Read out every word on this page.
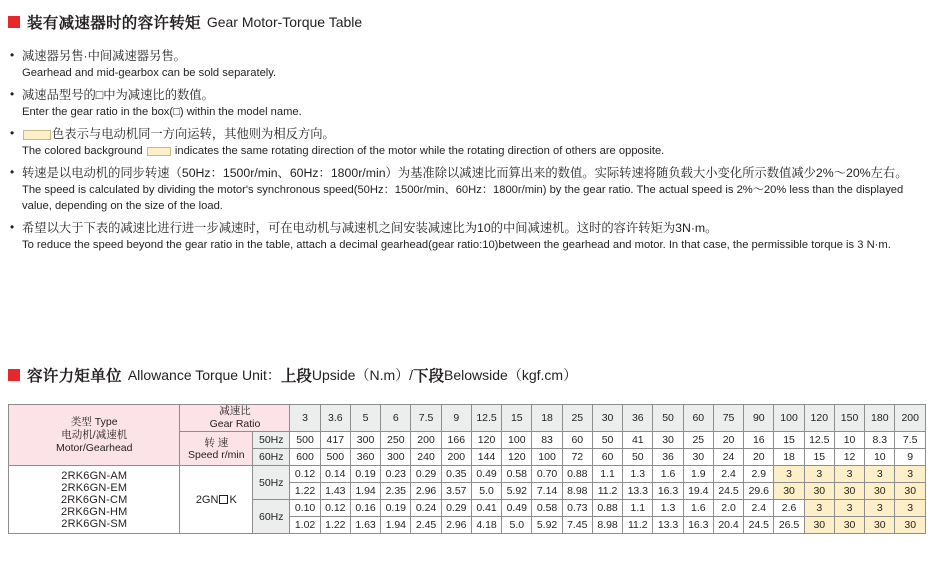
装有减速器时的容许转矩 Gear Motor-Torque Table
• 减速器另售·中间减速器另售。
Gearhead and mid-gearbox can be sold separately.
• 减速品型号的□中为减速比的数值。
Enter the gear ratio in the box(□) within the model name.
• 色表示与电动机同一方向运转，其他则为相反方向。
The colored background	indicates the same rotating direction of the motor while the rotating direction of others are opposite.
• 转速是以电动机的同步转速（50Hz：1500r/min、60Hz：1800r/min）为基准除以减速比而算出来的数值。实际转速将随负载大小变化所示数值减少2%～20%左右。
The speed is calculated by dividing the motor's synchronous speed(50Hz：1500r/min、60Hz：1800r/min) by the gear ratio. The actual speed is 2%～20% less than the displayed value, depending on the size of the load.
• 希望以大于下表的减速比进行进一步减速时，可在电动机与减速机之间安装减速比为10的中间减速机。这时的容许转矩为3N·m。
To reduce the speed beyond the gear ratio in the table, attach a decimal gearhead(gear ratio:10)between the gearhead and motor. In that case, the permissible torque is 3 N·m.
容许力矩单位 Allowance Torque Unit： 上段 Upside（N.m）/ 下段 Belowside（kgf.cm）
类型 Type
电动机/减速机
Motor/Gearhead	减速比
Gear Ratio		3	3.6	5	6	7.5	9	12.5	15	18	25	30	36	50	60	75	90	100	120	150	180	200

	转 速
Speed r/min	50Hz	500	417	300	250	200	166	120	100	83	60	50	41	30	25	20	16	15	12.5	10	8.3	7.5
		60Hz	600	500	360	300	240	200	144	120	100	72	60	50	36	30	24	20	18	15	12	10	9
2RK6GN-AM
2RK6GN-EM
2RK6GN-CM
2RK6GN-HM
2RK6GN-SM	2GN K	50Hz	0.12	0.14	0.19	0.23	0.29	0.35	0.49	0.58	0.70	0.88	1.1	1.3	1.6	1.9	2.4	2.9	3	3	3	3	3
			1.22	1.43	1.94	2.35	2.96	3.57	5.0	5.92	7.14	8.98	11.2	13.3	16.3	19.4	24.5	29.6	30	30	30	30	30
		60Hz	0.10	0.12	0.16	0.19	0.24	0.29	0.41	0.49	0.58	0.73	0.88	1.1	1.3	1.6	2.0	2.4	2.6	3	3	3	3
			1.02	1.22	1.63	1.94	2.45	2.96	4.18	5.0	5.92	7.45	8.98	11.2	13.3	16.3	20.4	24.5	26.5	30	30	30	30
